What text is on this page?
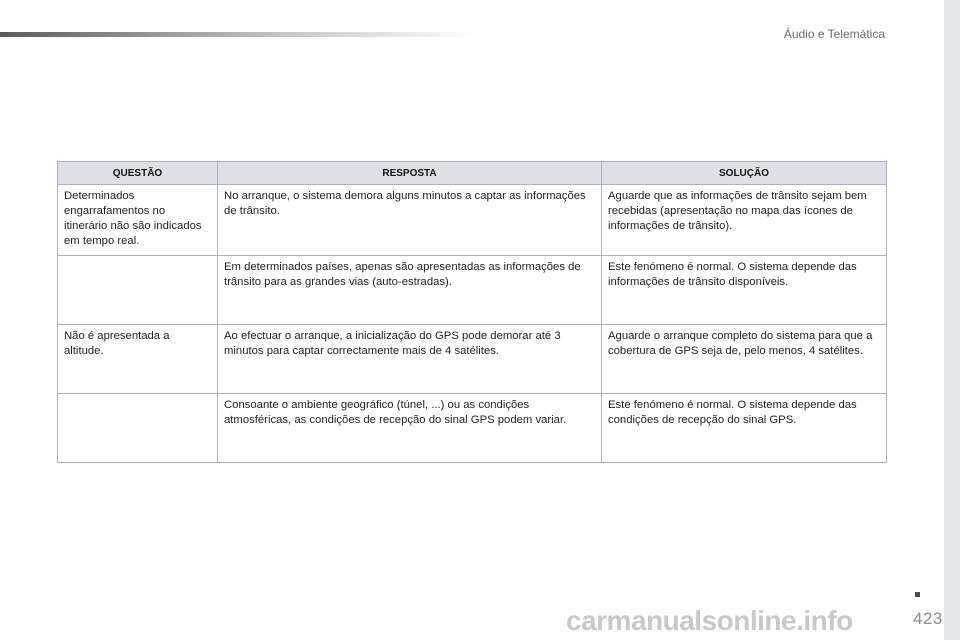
Áudio e Telemática
QUESTÃO	RESPOSTA	SOLUÇÃO
Determinados engarrafamentos no itinerário não são indicados em tempo real.	No arranque, o sistema demora alguns minutos a captar as informações de trânsito.	Aguarde que as informações de trânsito sejam bem recebidas (apresentação no mapa das ícones de informações de trânsito).
	Em determinados países, apenas são apresentadas as informações de trânsito para as grandes vias (auto-estradas).	Este fenómeno é normal. O sistema depende das informações de trânsito disponíveis.
Não é apresentada a altitude.	Ao efectuar o arranque, a inicialização do GPS pode demorar até 3 minutos para captar correctamente mais de 4 satélites.	Aguarde o arranque completo do sistema para que a cobertura de GPS seja de, pelo menos, 4 satélites.
	Consoante o ambiente geográfico (túnel, ...) ou as condições atmosféricas, as condições de recepção do sinal GPS podem variar.	Este fenómeno é normal. O sistema depende das condições de recepção do sinal GPS.
423
carmanualsonline.info
